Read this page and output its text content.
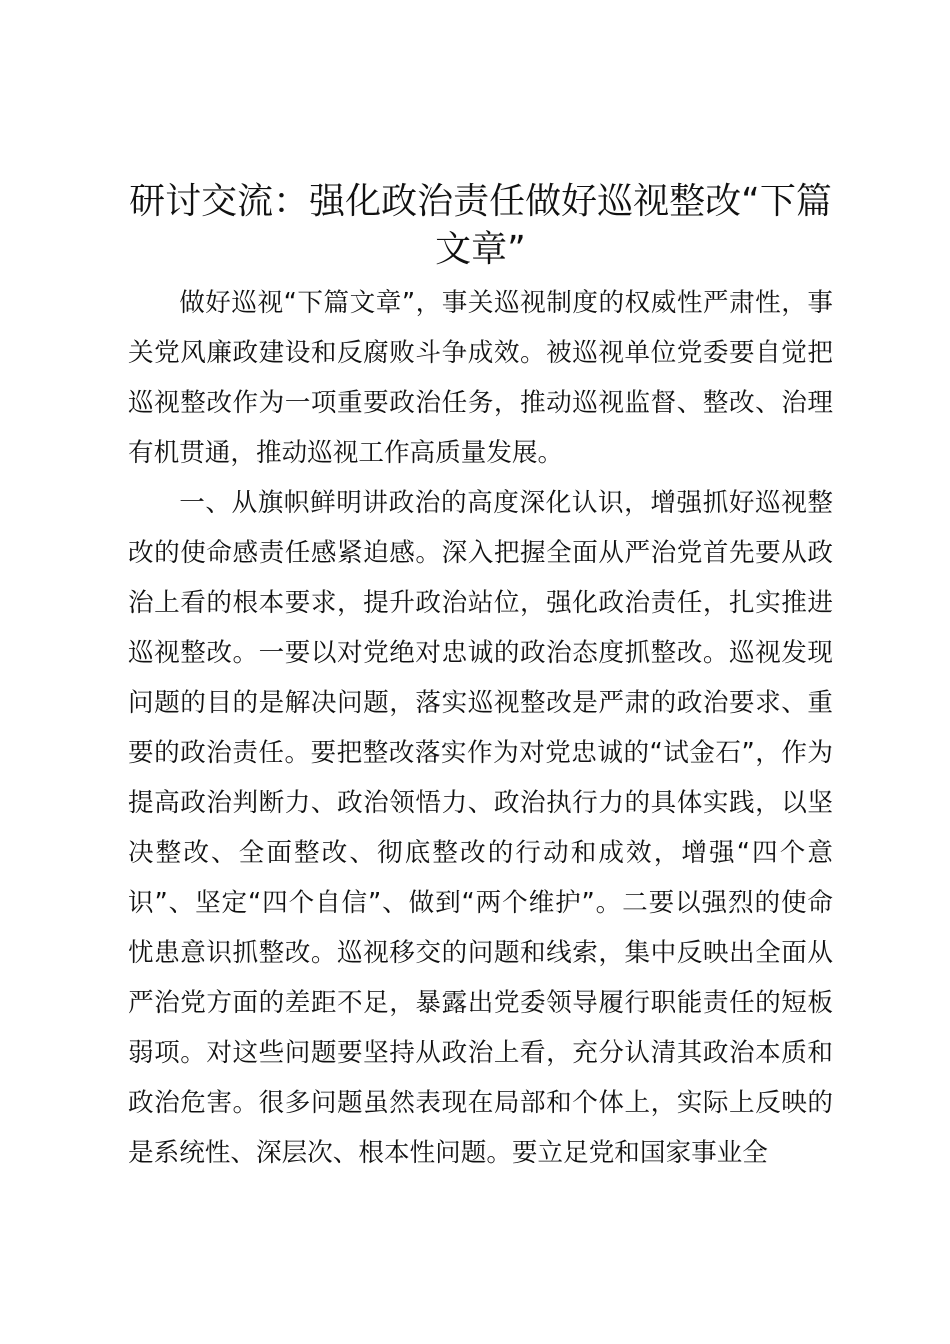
研讨交流：强化政治责任做好巡视整改“下篇文章”

做好巡视“下篇文章”，事关巡视制度的权威性严肃性，事关党风廉政建设和反腐败斗争成效。被巡视单位党委要自觉把巡视整改作为一项重要政治任务，推动巡视监督、整改、治理有机贯通，推动巡视工作高质量发展。

一、从旗帜鲜明讲政治的高度深化认识，增强抓好巡视整改的使命感责任感紧迫感。深入把握全面从严治党首先要从政治上看的根本要求，提升政治站位，强化政治责任，扎实推进巡视整改。一要以对党绝对忠诚的政治态度抓整改。巡视发现问题的目的是解决问题，落实巡视整改是严肃的政治要求、重要的政治责任。要把整改落实作为对党忠诚的“试金石”，作为提高政治判断力、政治领悟力、政治执行力的具体实践，以坚决整改、全面整改、彻底整改的行动和成效，增强“四个意识”、坚定“四个自信”、做到“两个维护”。二要以强烈的使命忧患意识抓整改。巡视移交的问题和线索，集中反映出全面从严治党方面的差距不足，暴露出党委领导履行职能责任的短板弱项。对这些问题要坚持从政治上看，充分认清其政治本质和政治危害。很多问题虽然表现在局部和个体上，实际上反映的是系统性、深层次、根本性问题。要立足党和国家事业全
